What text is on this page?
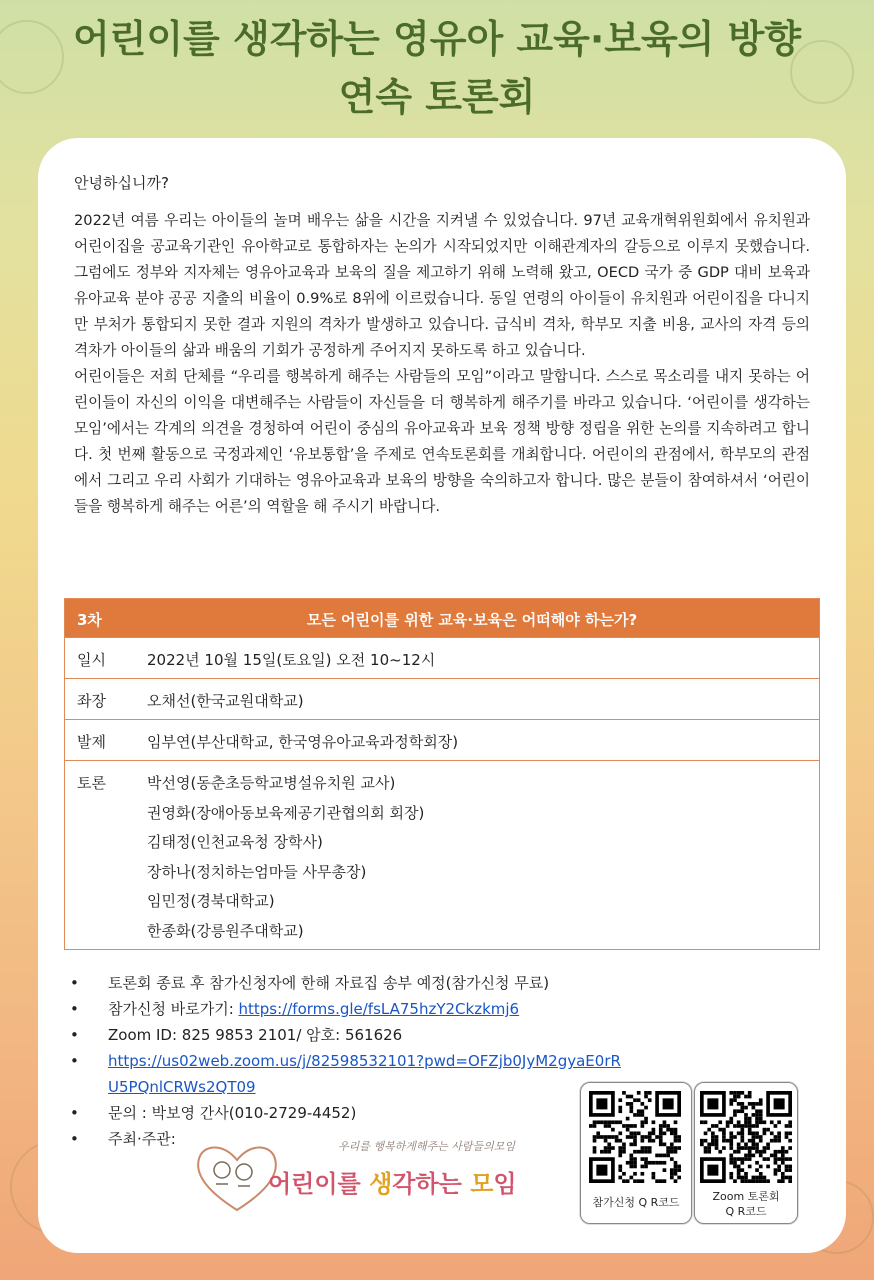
어린이를 생각하는 영유아 교육·보육의 방향
연속 토론회
안녕하십니까?

2022년 여름 우리는 아이들의 놀며 배우는 삶을 시간을 지켜낼 수 있었습니다. 97년 교육개혁위원회에서 유치원과 어린이집을 공교육기관인 유아학교로 통합하자는 논의가 시작되었지만 이해관계자의 갈등으로 이루지 못했습니다. 그럼에도 정부와 지자체는 영유아교육과 보육의 질을 제고하기 위해 노력해 왔고, OECD 국가 중 GDP 대비 보육과 유아교육 분야 공공 지출의 비율이 0.9%로 8위에 이르렀습니다. 동일 연령의 아이들이 유치원과 어린이집을 다니지만 부처가 통합되지 못한 결과 지원의 격차가 발생하고 있습니다. 급식비 격차, 학부모 지출 비용, 교사의 자격 등의 격차가 아이들의 삶과 배움의 기회가 공정하게 주어지지 못하도록 하고 있습니다.

어린이들은 저희 단체를 “우리를 행복하게 해주는 사람들의 모임”이라고 말합니다. 스스로 목소리를 내지 못하는 어린이들이 자신의 이익을 대변해주는 사람들이 자신들을 더 행복하게 해주기를 바라고 있습니다. ‘어린이를 생각하는 모임’에서는 각계의 의견을 경청하여 어린이 중심의 유아교육과 보육 정책 방향 정립을 위한 논의를 지속하려고 합니다. 첫 번째 활동으로 국정과제인 ‘유보통합’을 주제로 연속토론회를 개최합니다. 어린이의 관점에서, 학부모의 관점에서 그리고 우리 사회가 기대하는 영유아교육과 보육의 방향을 숙의하고자 합니다. 많은 분들이 참여하셔서 ‘어린이들을 행복하게 해주는 어른’의 역할을 해 주시기 바랍니다.

3차	모든 어린이를 위한 교육·보육은 어떠해야 하는가?
일시	2022년 10월 15일(토요일) 오전 10~12시
좌장	오채선(한국교원대학교)
발제	임부연(부산대학교, 한국영유아교육과정학회장)
토론	박선영(동춘초등학교병설유치원 교사)
권영화(장애아동보육제공기관협의회 회장)
김태정(인천교육청 장학사)
장하나(정치하는엄마들 사무총장)
임민정(경북대학교)
한종화(강릉원주대학교)
• 토론회 종료 후 참가신청자에 한해 자료집 송부 예정(참가신청 무료)
• 참가신청 바로가기: https://forms.gle/fsLA75hzY2Ckzkmj6
• Zoom ID: 825 9853 2101/ 암호: 561626
• https://us02web.zoom.us/j/82598532101?pwd=OFZjb0JyM2gyaE0rRU5PQnlCRWs2QT09
• 문의 : 박보영 간사(010-2729-4452)
• 주최·주관:	우리를 행복하게해주는 사람들의모임
어린이를 생각하는 모임
참가신청 Q R코드	Zoom 토론회
Q R코드
